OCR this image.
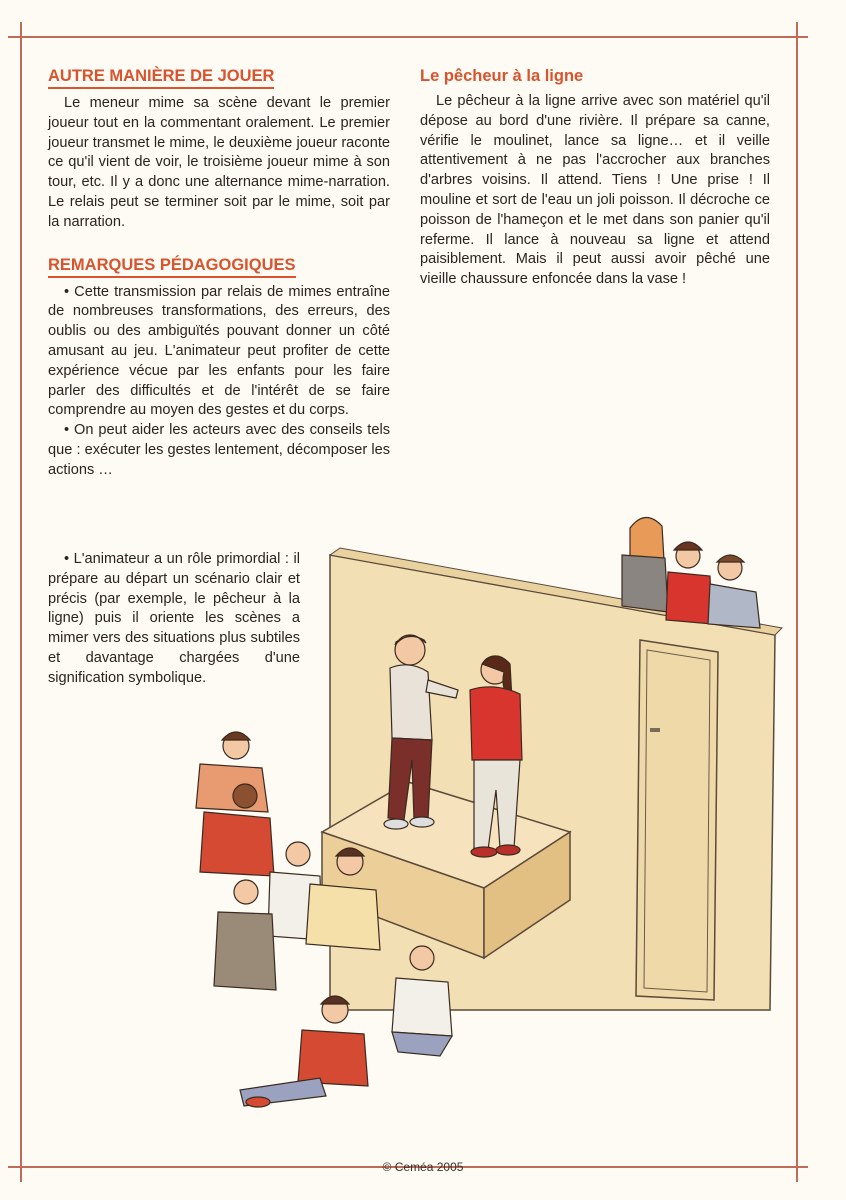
AUTRE MANIÈRE DE JOUER

Le meneur mime sa scène devant le premier joueur tout en la commentant oralement. Le premier joueur transmet le mime, le deuxième joueur raconte ce qu'il vient de voir, le troisième joueur mime à son tour, etc. Il y a donc une alternance mime-narration. Le relais peut se terminer soit par le mime, soit par la narration.

REMARQUES PÉDAGOGIQUES

• Cette transmission par relais de mimes entraîne de nombreuses transformations, des erreurs, des oublis ou des ambiguïtés pouvant donner un côté amusant au jeu. L'animateur peut profiter de cette expérience vécue par les enfants pour les faire parler des difficultés et de l'intérêt de se faire comprendre au moyen des gestes et du corps.

• On peut aider les acteurs avec des conseils tels que : exécuter les gestes lentement, décomposer les actions …

• L'animateur a un rôle primordial : il prépare au départ un scénario clair et précis (par exemple, le pêcheur à la ligne) puis il oriente les scènes a mimer vers des situations plus subtiles et davantage chargées d'une signification symbolique.

Le pêcheur à la ligne

Le pêcheur à la ligne arrive avec son matériel qu'il dépose au bord d'une rivière. Il prépare sa canne, vérifie le moulinet, lance sa ligne… et il veille attentivement à ne pas l'accrocher aux branches d'arbres voisins. Il attend. Tiens ! Une prise ! Il mouline et sort de l'eau un joli poisson. Il décroche ce poisson de l'hameçon et le met dans son panier qu'il referme. Il lance à nouveau sa ligne et attend paisiblement. Mais il peut aussi avoir pêché une vieille chaussure enfoncée dans la vase !

© Ceméa 2005
